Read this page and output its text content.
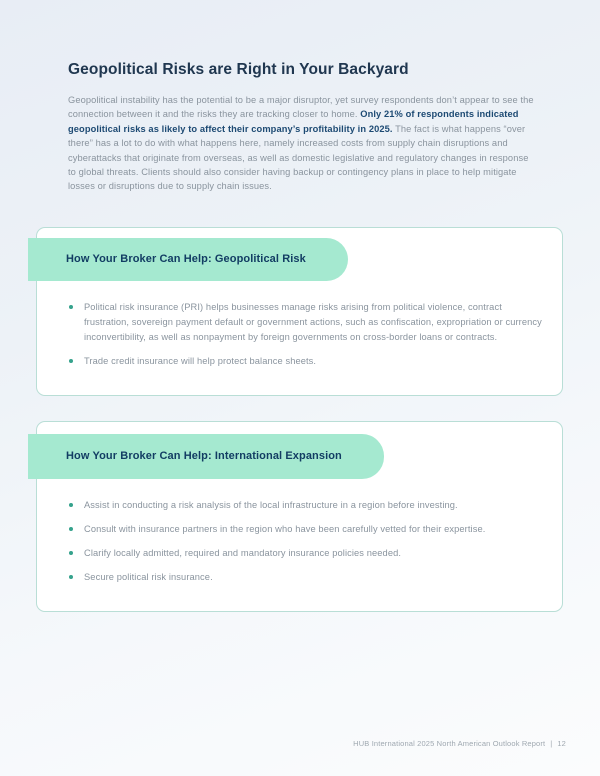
Geopolitical Risks are Right in Your Backyard

Geopolitical instability has the potential to be a major disruptor, yet survey respondents don’t appear to see the connection between it and the risks they are tracking closer to home. Only 21% of respondents indicated geopolitical risks as likely to affect their company’s profitability in 2025. The fact is what happens “over there” has a lot to do with what happens here, namely increased costs from supply chain disruptions and cyberattacks that originate from overseas, as well as domestic legislative and regulatory changes in response to global threats. Clients should also consider having backup or contingency plans in place to help mitigate losses or disruptions due to supply chain issues.

How Your Broker Can Help: Geopolitical Risk
Political risk insurance (PRI) helps businesses manage risks arising from political violence, contract frustration, sovereign payment default or government actions, such as confiscation, expropriation or currency inconvertibility, as well as nonpayment by foreign governments on cross-border loans or contracts.
Trade credit insurance will help protect balance sheets.
How Your Broker Can Help: International Expansion
Assist in conducting a risk analysis of the local infrastructure in a region before investing.
Consult with insurance partners in the region who have been carefully vetted for their expertise.
Clarify locally admitted, required and mandatory insurance policies needed.
Secure political risk insurance.
HUB International 2025 North American Outlook Report | 12
